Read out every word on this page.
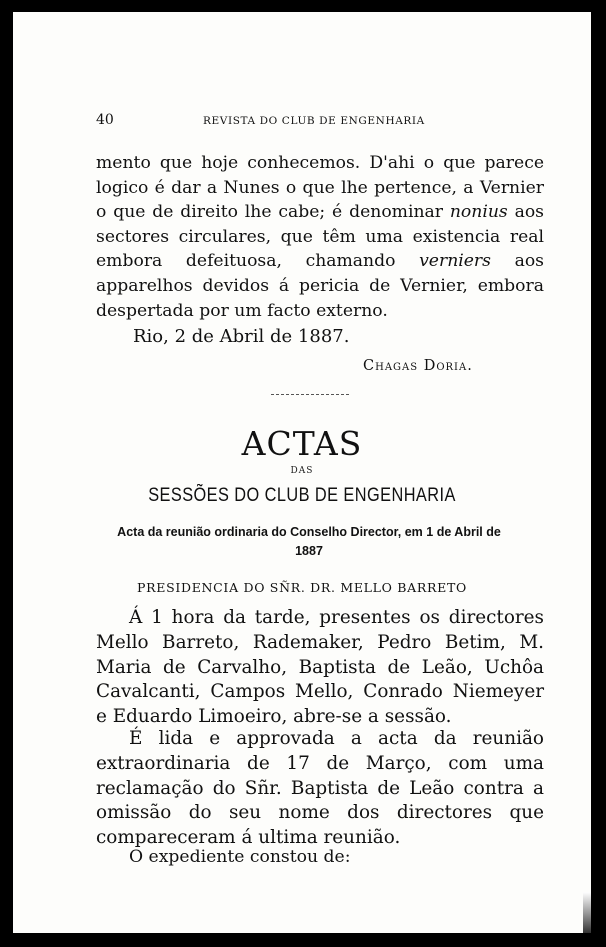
40	REVISTA DO CLUB DE ENGENHARIA

mento que hoje conhecemos. D'ahi o que parece logico é dar a Nunes o que lhe pertence, a Vernier o que de direito lhe cabe; é denominar nonius aos sectores circulares, que têm uma existencia real embora defeituosa, chamando verniers aos apparelhos devidos á pericia de Vernier, embora despertada por um facto externo.

Rio, 2 de Abril de 1887.
Chagas Doria.
ACTAS
DAS
SESSÕES DO CLUB DE ENGENHARIA
Acta da reunião ordinaria do Conselho Director, em 1 de Abril de 1887
PRESIDENCIA DO SÑR. DR. MELLO BARRETO

Á 1 hora da tarde, presentes os directores Mello Barreto, Rademaker, Pedro Betim, M. Maria de Carvalho, Baptista de Leão, Uchôa Cavalcanti, Campos Mello, Conrado Niemeyer e Eduardo Limoeiro, abre-se a sessão.

É lida e approvada a acta da reunião extraordinaria de 17 de Março, com uma reclamação do Sñr. Baptista de Leão contra a omissão do seu nome dos directores que compareceram á ultima reunião.

O expediente constou de:
